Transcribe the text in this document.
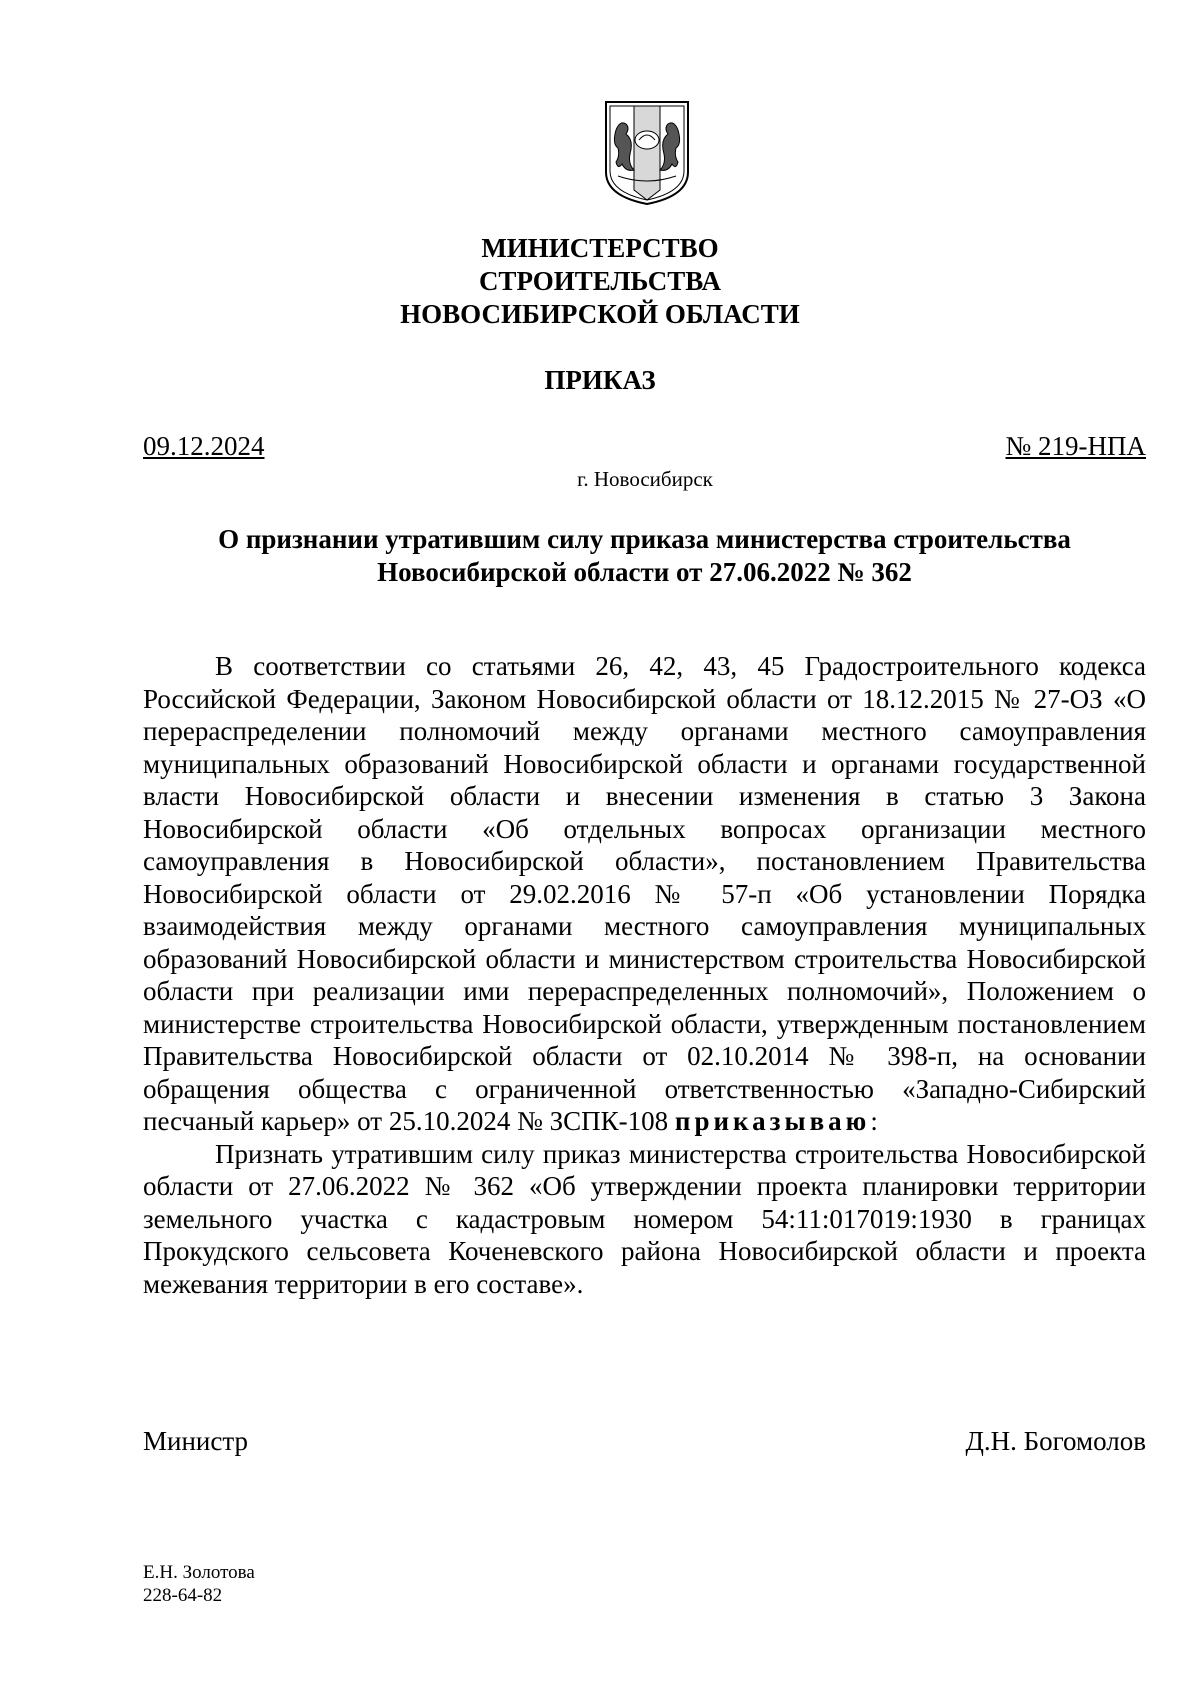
МИНИСТЕРСТВО
СТРОИТЕЛЬСТВА
НОВОСИБИРСКОЙ ОБЛАСТИ
ПРИКАЗ
09.12.2024	№ 219-НПА
г. Новосибирск
О признании утратившим силу приказа министерства строительства
Новосибирской области от 27.06.2022 № 362

В соответствии со статьями 26, 42, 43, 45 Градостроительного кодекса Российской Федерации, Законом Новосибирской области от 18.12.2015 № 27-ОЗ «О перераспределении полномочий между органами местного самоуправления муниципальных образований Новосибирской области и органами государственной власти Новосибирской области и внесении изменения в статью 3 Закона Новосибирской области «Об отдельных вопросах организации местного самоуправления в Новосибирской области», постановлением Правительства Новосибирской области от 29.02.2016 № 57-п «Об установлении Порядка взаимодействия между органами местного самоуправления муниципальных образований Новосибирской области и министерством строительства Новосибирской области при реализации ими перераспределенных полномочий», Положением о министерстве строительства Новосибирской области, утвержденным постановлением Правительства Новосибирской области от 02.10.2014 № 398-п, на основании обращения общества с ограниченной ответственностью «Западно-Сибирский песчаный карьер» от 25.10.2024 № ЗСПК-108 приказываю:

Признать утратившим силу приказ министерства строительства Новосибирской области от 27.06.2022 № 362 «Об утверждении проекта планировки территории земельного участка с кадастровым номером 54:11:017019:1930 в границах Прокудского сельсовета Коченевского района Новосибирской области и проекта межевания территории в его составе».

Министр	Д.Н. Богомолов
Е.Н. Золотова
228-64-82
